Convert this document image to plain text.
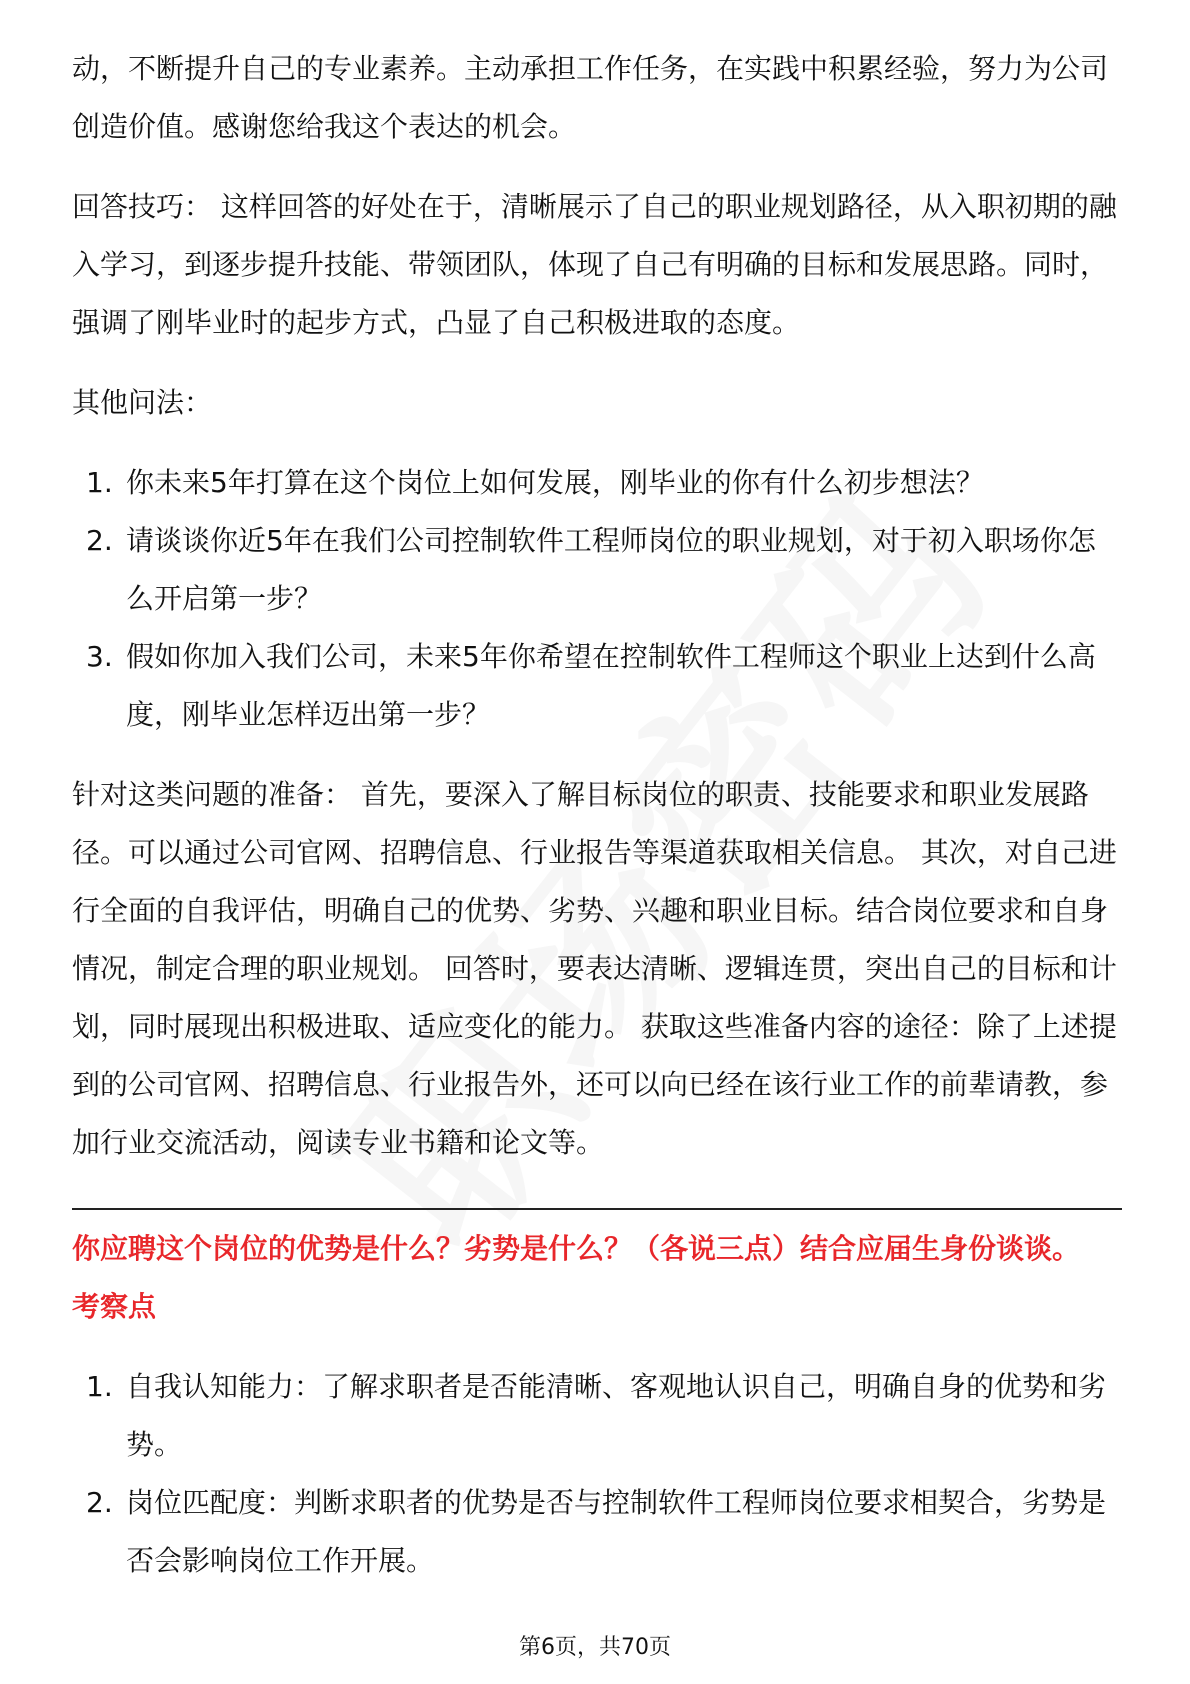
动，不断提升自己的专业素养。主动承担工作任务，在实践中积累经验，努力为公司创造价值。感谢您给我这个表达的机会。

回答技巧： 这样回答的好处在于，清晰展示了自己的职业规划路径，从入职初期的融入学习，到逐步提升技能、带领团队，体现了自己有明确的目标和发展思路。同时，强调了刚毕业时的起步方式，凸显了自己积极进取的态度。

其他问法：

1. 你未来5年打算在这个岗位上如何发展，刚毕业的你有什么初步想法？
2. 请谈谈你近5年在我们公司控制软件工程师岗位的职业规划，对于初入职场你怎么开启第一步？
3. 假如你加入我们公司，未来5年你希望在控制软件工程师这个职业上达到什么高度，刚毕业怎样迈出第一步？

针对这类问题的准备： 首先，要深入了解目标岗位的职责、技能要求和职业发展路径。可以通过公司官网、招聘信息、行业报告等渠道获取相关信息。 其次，对自己进行全面的自我评估，明确自己的优势、劣势、兴趣和职业目标。结合岗位要求和自身情况，制定合理的职业规划。 回答时，要表达清晰、逻辑连贯，突出自己的目标和计划，同时展现出积极进取、适应变化的能力。 获取这些准备内容的途径：除了上述提到的公司官网、招聘信息、行业报告外，还可以向已经在该行业工作的前辈请教，参加行业交流活动，阅读专业书籍和论文等。

你应聘这个岗位的优势是什么？劣势是什么？（各说三点）结合应届生身份谈谈。

考察点

1. 自我认知能力：了解求职者是否能清晰、客观地认识自己，明确自身的优势和劣势。
2. 岗位匹配度：判断求职者的优势是否与控制软件工程师岗位要求相契合，劣势是否会影响岗位工作开展。
第6页，共70页
